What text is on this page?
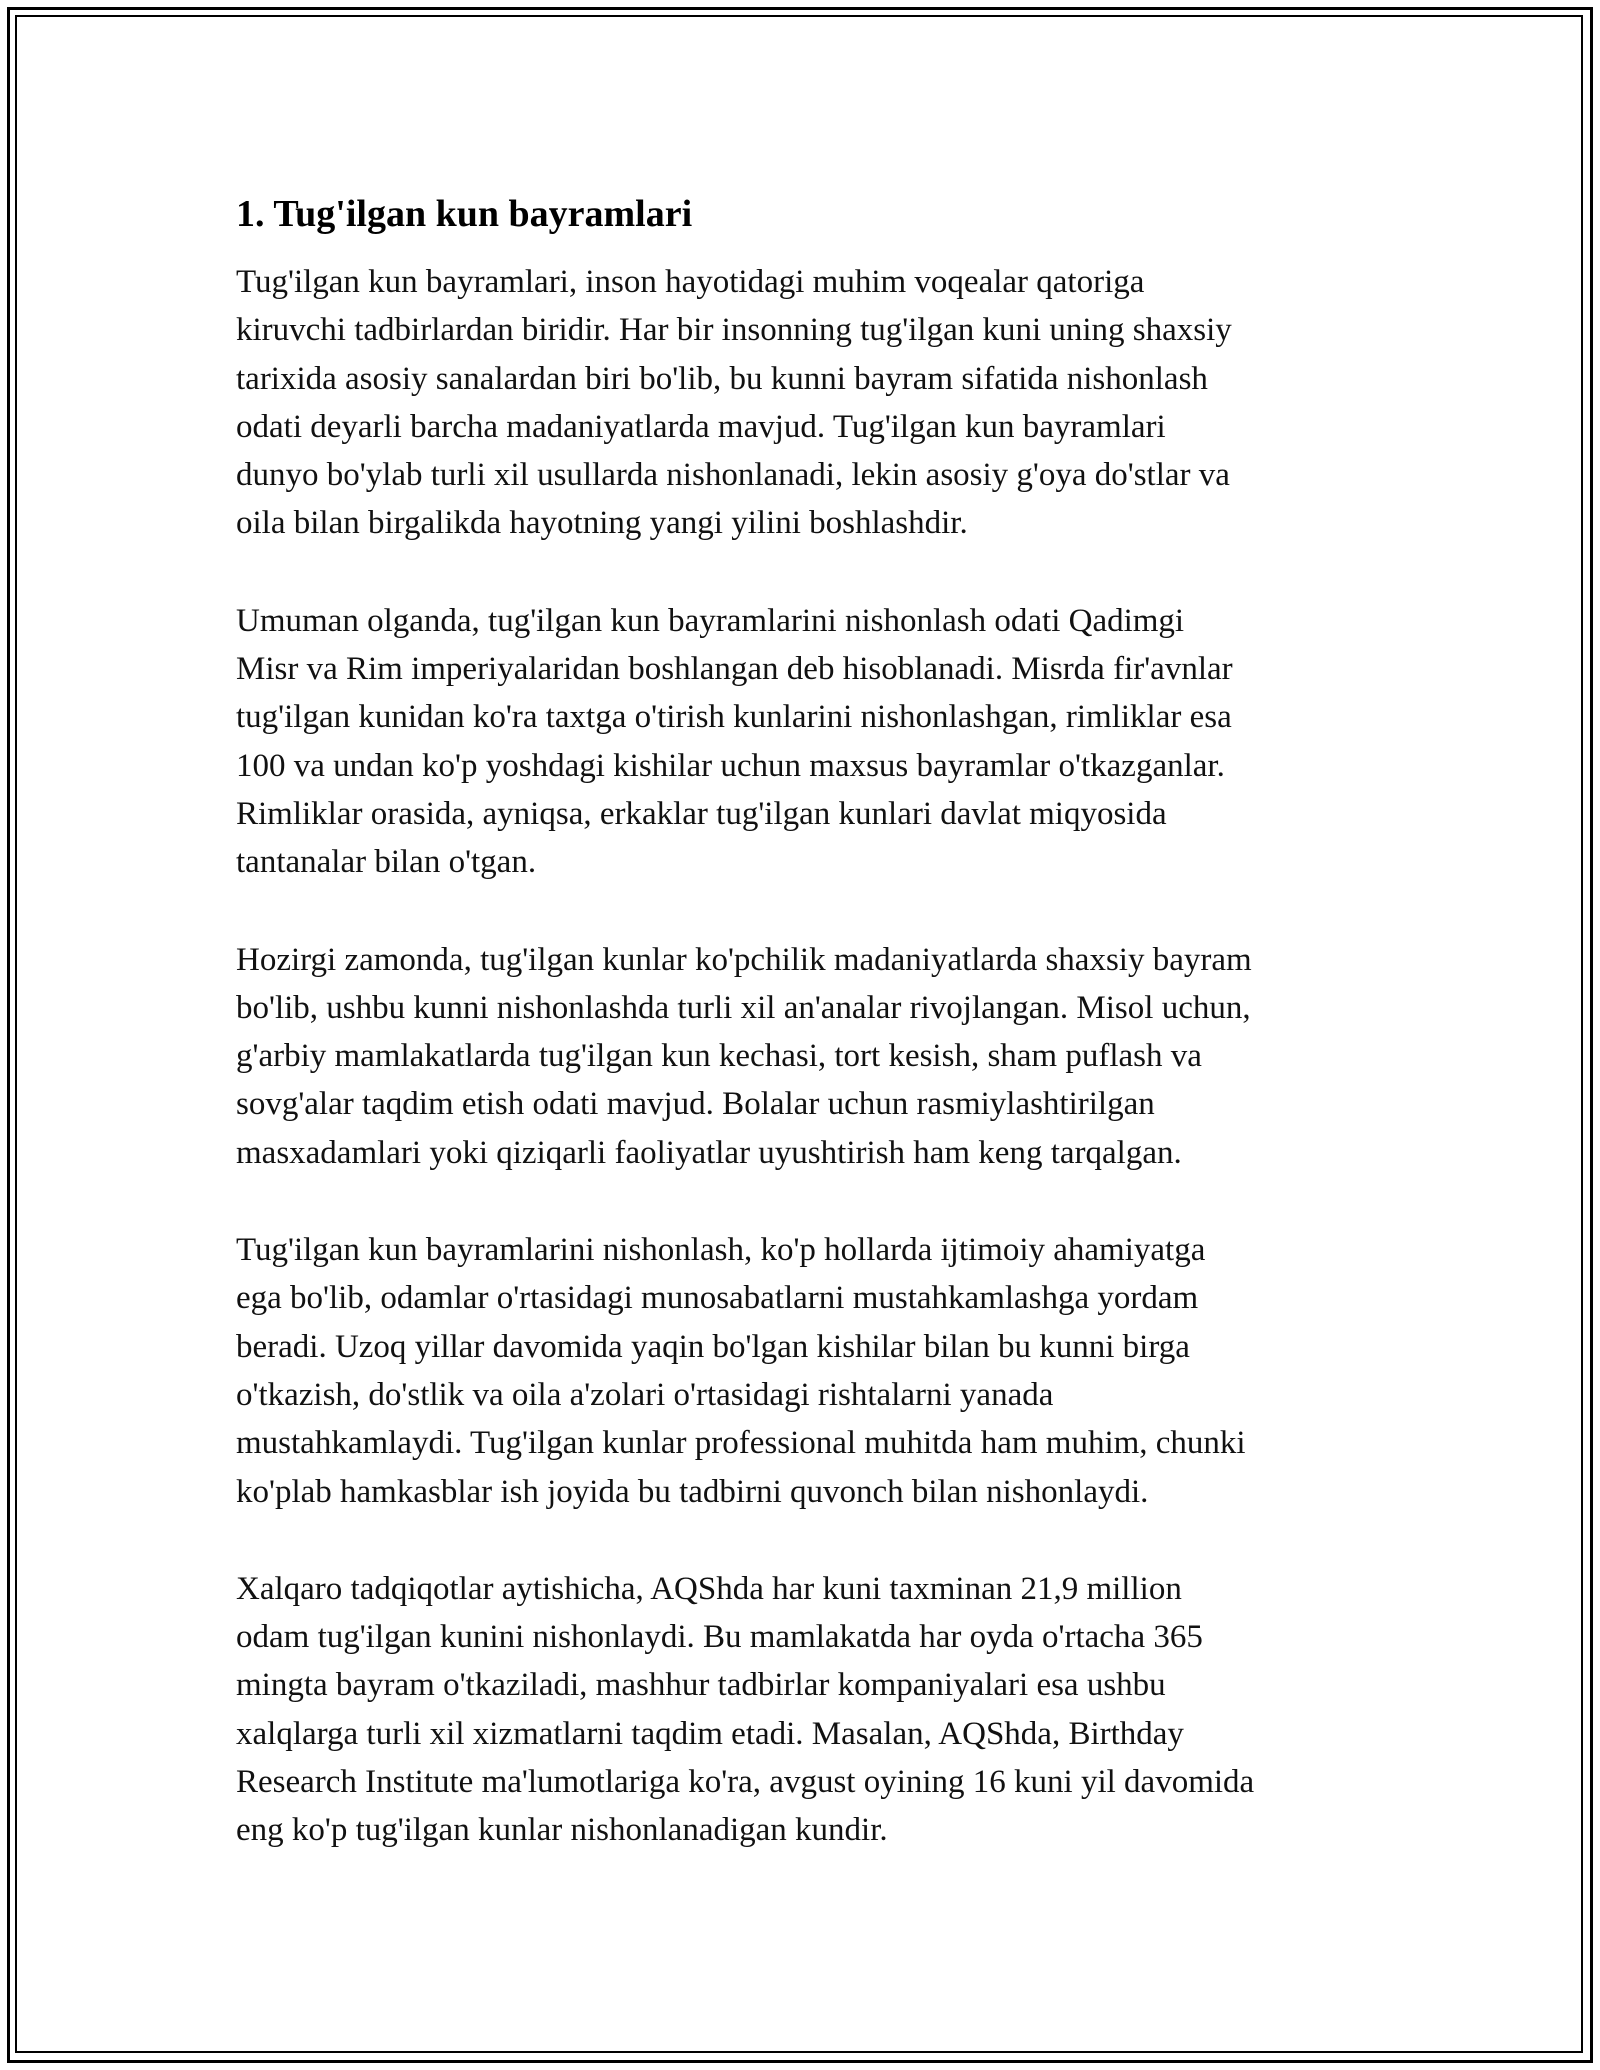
1. Tug'ilgan kun bayramlari

Tug'ilgan kun bayramlari, inson hayotidagi muhim voqealar qatoriga
kiruvchi tadbirlardan biridir. Har bir insonning tug'ilgan kuni uning shaxsiy
tarixida asosiy sanalardan biri bo'lib, bu kunni bayram sifatida nishonlash
odati deyarli barcha madaniyatlarda mavjud. Tug'ilgan kun bayramlari
dunyo bo'ylab turli xil usullarda nishonlanadi, lekin asosiy g'oya do'stlar va
oila bilan birgalikda hayotning yangi yilini boshlashdir.

Umuman olganda, tug'ilgan kun bayramlarini nishonlash odati Qadimgi
Misr va Rim imperiyalaridan boshlangan deb hisoblanadi. Misrda fir'avnlar
tug'ilgan kunidan ko'ra taxtga o'tirish kunlarini nishonlashgan, rimliklar esa
100 va undan ko'p yoshdagi kishilar uchun maxsus bayramlar o'tkazganlar.
Rimliklar orasida, ayniqsa, erkaklar tug'ilgan kunlari davlat miqyosida
tantanalar bilan o'tgan.

Hozirgi zamonda, tug'ilgan kunlar ko'pchilik madaniyatlarda shaxsiy bayram
bo'lib, ushbu kunni nishonlashda turli xil an'analar rivojlangan. Misol uchun,
g'arbiy mamlakatlarda tug'ilgan kun kechasi, tort kesish, sham puflash va
sovg'alar taqdim etish odati mavjud. Bolalar uchun rasmiylashtirilgan
masxadamlari yoki qiziqarli faoliyatlar uyushtirish ham keng tarqalgan.

Tug'ilgan kun bayramlarini nishonlash, ko'p hollarda ijtimoiy ahamiyatga
ega bo'lib, odamlar o'rtasidagi munosabatlarni mustahkamlashga yordam
beradi. Uzoq yillar davomida yaqin bo'lgan kishilar bilan bu kunni birga
o'tkazish, do'stlik va oila a'zolari o'rtasidagi rishtalarni yanada
mustahkamlaydi. Tug'ilgan kunlar professional muhitda ham muhim, chunki
ko'plab hamkasblar ish joyida bu tadbirni quvonch bilan nishonlaydi.

Xalqaro tadqiqotlar aytishicha, AQShda har kuni taxminan 21,9 million
odam tug'ilgan kunini nishonlaydi. Bu mamlakatda har oyda o'rtacha 365
mingta bayram o'tkaziladi, mashhur tadbirlar kompaniyalari esa ushbu
xalqlarga turli xil xizmatlarni taqdim etadi. Masalan, AQShda, Birthday
Research Institute ma'lumotlariga ko'ra, avgust oyining 16 kuni yil davomida
eng ko'p tug'ilgan kunlar nishonlanadigan kundir.
